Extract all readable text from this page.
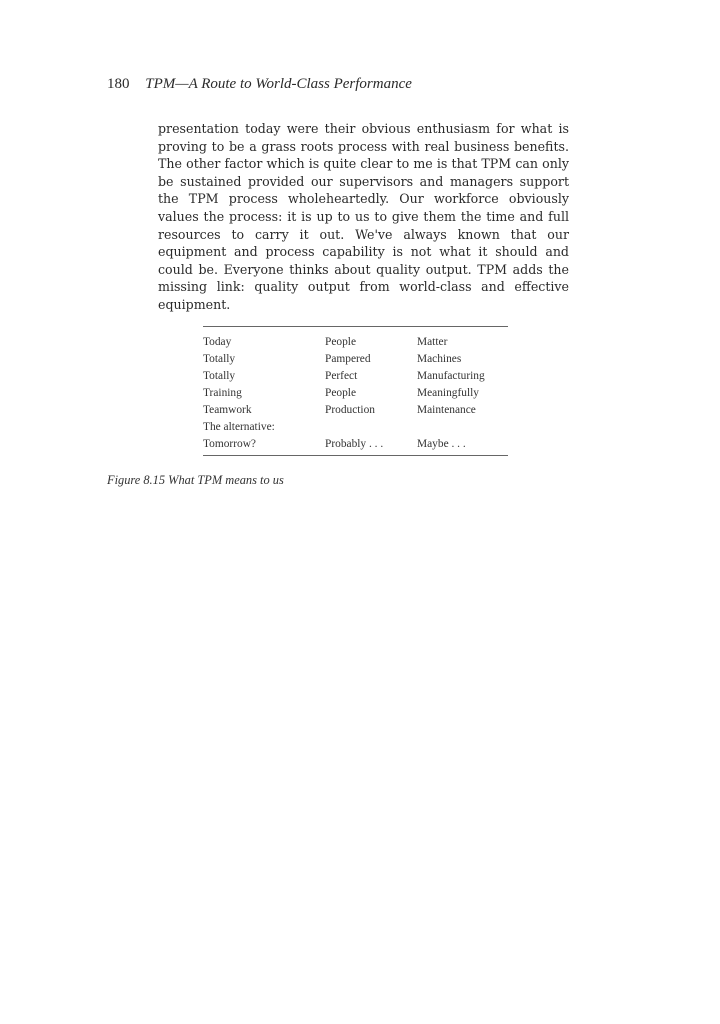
180 TPM—A Route to World-Class Performance

presentation today were their obvious enthusiasm for what is proving to be a grass roots process with real business benefits. The other factor which is quite clear to me is that TPM can only be sustained provided our supervisors and managers support the TPM process wholeheartedly. Our workforce obviously values the process: it is up to us to give them the time and full resources to carry it out. We've always known that our equipment and process capability is not what it should and could be. Everyone thinks about quality output. TPM adds the missing link: quality output from world-class and effective equipment.

Today	People	Matter
Totally	Pampered	Machines
Totally	Perfect	Manufacturing
Training	People	Meaningfully
Teamwork	Production	Maintenance
The alternative:
Tomorrow?	Probably . . .	Maybe . . .
Figure 8.15 What TPM means to us
